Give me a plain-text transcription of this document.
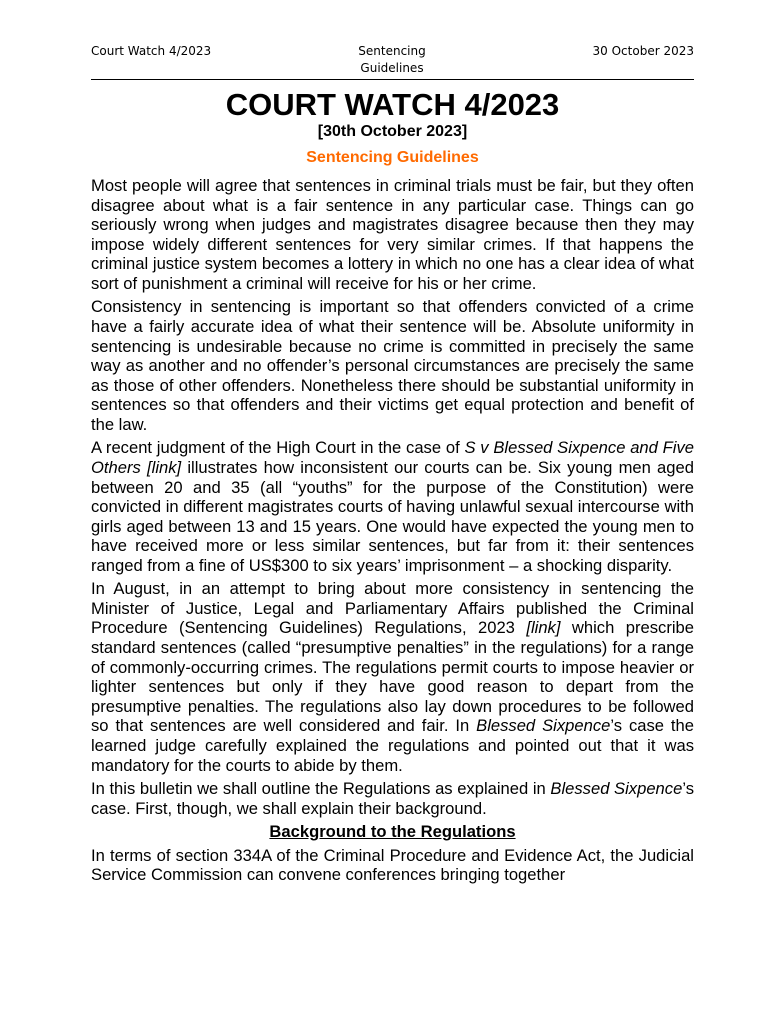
Court Watch 4/2023	Sentencing Guidelines
30 October 2023
COURT WATCH 4/2023
[30th October 2023]
Sentencing Guidelines

Most people will agree that sentences in criminal trials must be fair, but they often disagree about what is a fair sentence in any particular case. Things can go seriously wrong when judges and magistrates disagree because then they may impose widely different sentences for very similar crimes. If that happens the criminal justice system becomes a lottery in which no one has a clear idea of what sort of punishment a criminal will receive for his or her crime.

Consistency in sentencing is important so that offenders convicted of a crime have a fairly accurate idea of what their sentence will be. Absolute uniformity in sentencing is undesirable because no crime is committed in precisely the same way as another and no offender’s personal circumstances are precisely the same as those of other offenders. Nonetheless there should be substantial uniformity in sentences so that offenders and their victims get equal protection and benefit of the law.

A recent judgment of the High Court in the case of S v Blessed Sixpence and Five Others [link] illustrates how inconsistent our courts can be. Six young men aged between 20 and 35 (all “youths” for the purpose of the Constitution) were convicted in different magistrates courts of having unlawful sexual intercourse with girls aged between 13 and 15 years. One would have expected the young men to have received more or less similar sentences, but far from it: their sentences ranged from a fine of US$300 to six years’ imprisonment – a shocking disparity.

In August, in an attempt to bring about more consistency in sentencing the Minister of Justice, Legal and Parliamentary Affairs published the Criminal Procedure (Sentencing Guidelines) Regulations, 2023 [link] which prescribe standard sentences (called “presumptive penalties” in the regulations) for a range of commonly-occurring crimes. The regulations permit courts to impose heavier or lighter sentences but only if they have good reason to depart from the presumptive penalties. The regulations also lay down procedures to be followed so that sentences are well considered and fair. In Blessed Sixpence’s case the learned judge carefully explained the regulations and pointed out that it was mandatory for the courts to abide by them.

In this bulletin we shall outline the Regulations as explained in Blessed Sixpence’s case. First, though, we shall explain their background.

Background to the Regulations

In terms of section 334A of the Criminal Procedure and Evidence Act, the Judicial Service Commission can convene conferences bringing together
